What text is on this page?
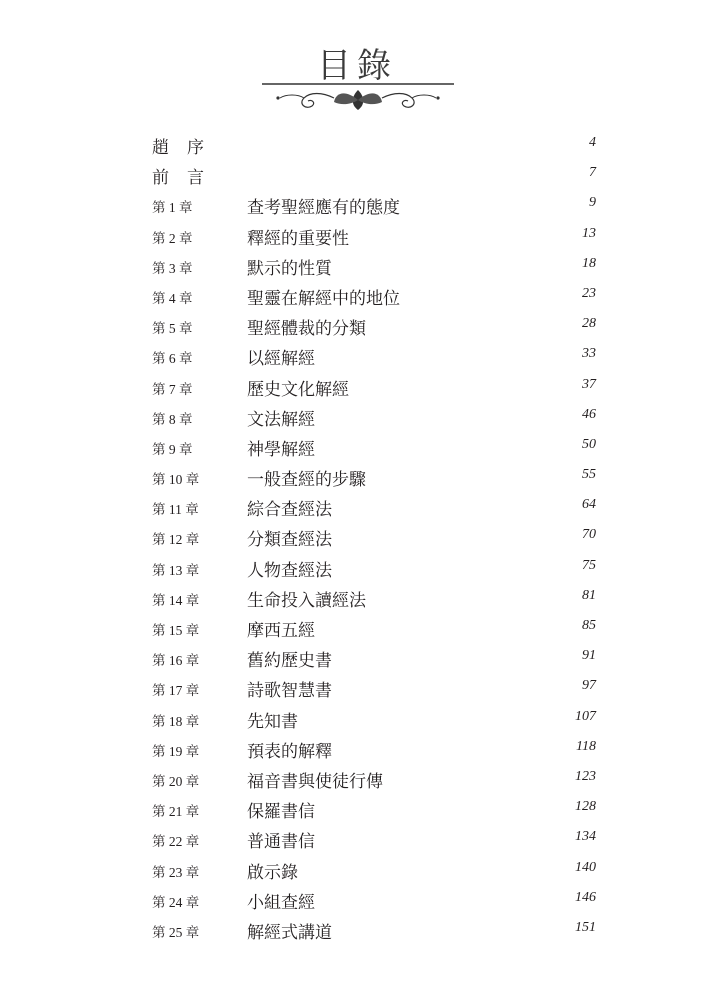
目錄
趙 序	4
前 言	7
第 1 章	查考聖經應有的態度	9
第 2 章	釋經的重要性	13
第 3 章	默示的性質	18
第 4 章	聖靈在解經中的地位	23
第 5 章	聖經體裁的分類	28
第 6 章	以經解經	33
第 7 章	歷史文化解經	37
第 8 章	文法解經	46
第 9 章	神學解經	50
第 10 章	一般查經的步驟	55
第 11 章	綜合查經法	64
第 12 章	分類查經法	70
第 13 章	人物查經法	75
第 14 章	生命投入讀經法	81
第 15 章	摩西五經	85
第 16 章	舊約歷史書	91
第 17 章	詩歌智慧書	97
第 18 章	先知書	107
第 19 章	預表的解釋	118
第 20 章	福音書與使徒行傳	123
第 21 章	保羅書信	128
第 22 章	普通書信	134
第 23 章	啟示錄	140
第 24 章	小組查經	146
第 25 章	解經式講道	151
